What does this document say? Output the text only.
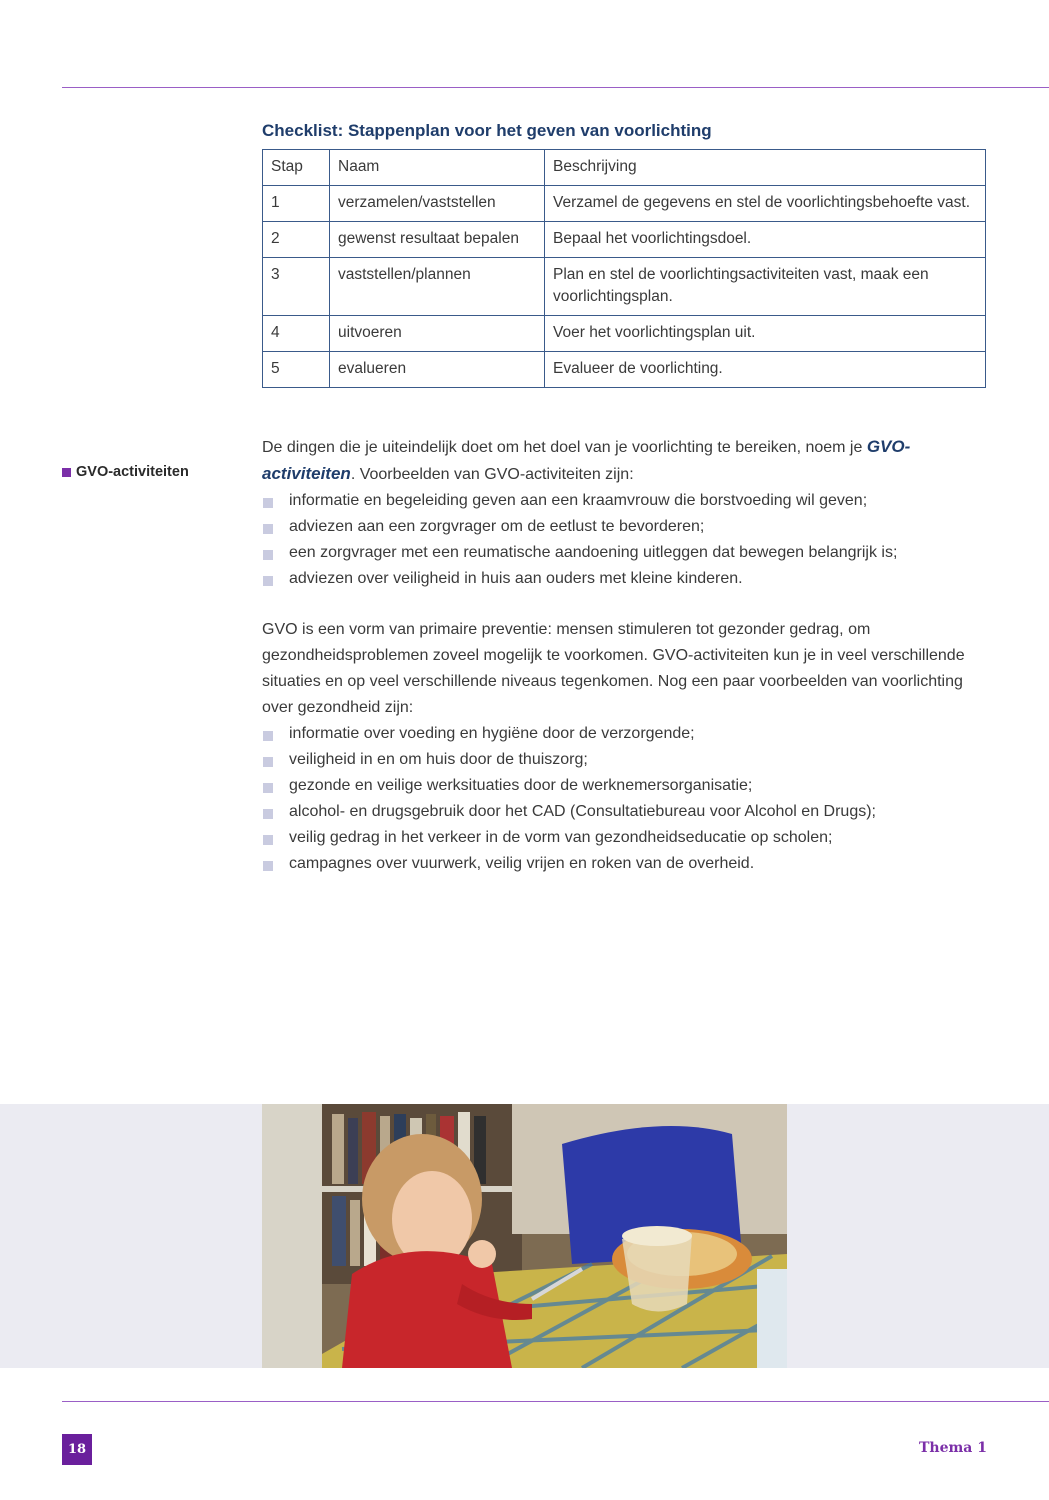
Checklist: Stappenplan voor het geven van voorlichting
Stap	Naam	Beschrijving
1	verzamelen/vaststellen	Verzamel de gegevens en stel de voorlichtingsbehoefte vast.
2	gewenst resultaat bepalen	Bepaal het voorlichtingsdoel.
3	vaststellen/plannen	Plan en stel de voorlichtingsactiviteiten vast, maak een voorlichtingsplan.
4	uitvoeren	Voer het voorlichtingsplan uit.
5	evalueren	Evalueer de voorlichting.
GVO-activiteiten

De dingen die je uiteindelijk doet om het doel van je voorlichting te bereiken, noem je GVO-activiteiten. Voorbeelden van GVO-activiteiten zijn:

informatie en begeleiding geven aan een kraamvrouw die borstvoeding wil geven;
adviezen aan een zorgvrager om de eetlust te bevorderen;
een zorgvrager met een reumatische aandoening uitleggen dat bewegen belangrijk is;
adviezen over veiligheid in huis aan ouders met kleine kinderen.

GVO is een vorm van primaire preventie: mensen stimuleren tot gezonder gedrag, om gezondheidsproblemen zoveel mogelijk te voorkomen. GVO-activiteiten kun je in veel verschillende situaties en op veel verschillende niveaus tegenkomen. Nog een paar voorbeelden van voorlichting over gezondheid zijn:

informatie over voeding en hygiëne door de verzorgende;
veiligheid in en om huis door de thuiszorg;
gezonde en veilige werksituaties door de werknemersorganisatie;
alcohol- en drugsgebruik door het CAD (Consultatiebureau voor Alcohol en Drugs);
veilig gedrag in het verkeer in de vorm van gezondheidseducatie op scholen;
campagnes over vuurwerk, veilig vrijen en roken van de overheid.
18	Thema 1
